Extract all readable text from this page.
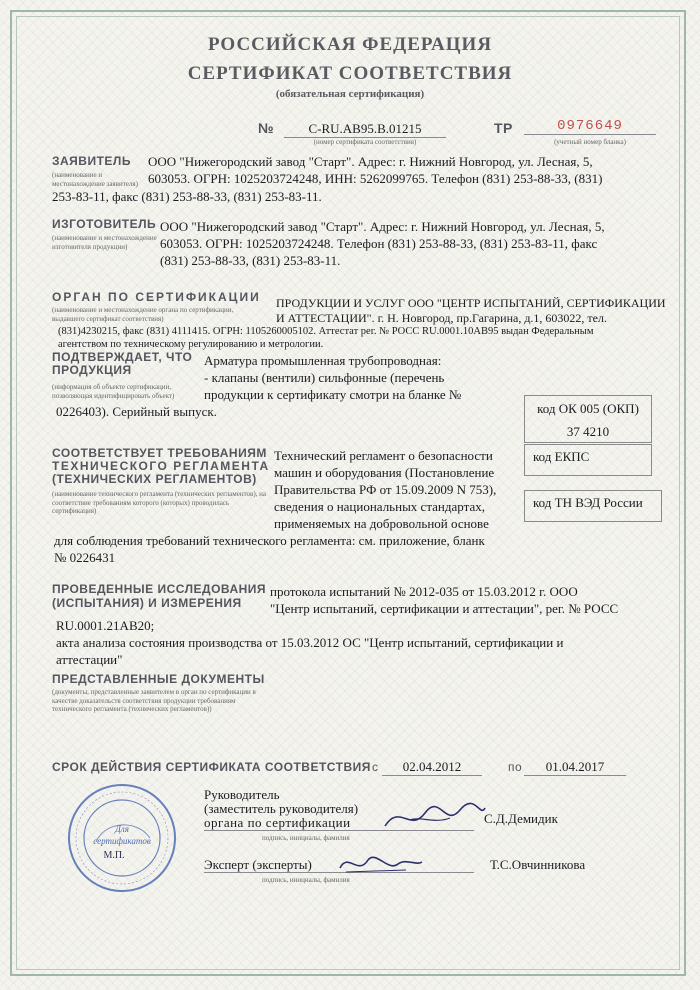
РОССИЙСКАЯ ФЕДЕРАЦИЯ
СЕРТИФИКАТ СООТВЕТСТВИЯ
(обязательная сертификация)
№	C-RU.AB95.B.01215
(номер сертификата соответствия)
ТР	0976649
(учетный номер бланка)
ЗАЯВИТЕЛЬ
(наименование и местонахождение заявителя)
ООО "Нижегородский завод "Старт". Адрес: г. Нижний Новгород, ул. Лесная, 5,
603053. ОГРН: 1025203724248, ИНН: 5262099765. Телефон (831) 253-88-33, (831)
253-83-11, факс (831) 253-88-33, (831) 253-83-11.
ИЗГОТОВИТЕЛЬ
(наименование и местонахождение изготовителя продукции)
ООО "Нижегородский завод "Старт". Адрес: г. Нижний Новгород, ул. Лесная, 5,
603053. ОГРН: 1025203724248. Телефон (831) 253-88-33, (831) 253-83-11, факс
(831) 253-88-33, (831) 253-83-11.
ОРГАН ПО СЕРТИФИКАЦИИ
(наименование и местонахождение органа по сертификации, выдавшего сертификат соответствия)
ПРОДУКЦИИ И УСЛУГ ООО "ЦЕНТР ИСПЫТАНИЙ, СЕРТИФИКАЦИИ
И АТТЕСТАЦИИ". г. Н. Новгород, пр.Гагарина, д.1, 603022, тел.
(831)4230215, факс (831) 4111415. ОГРН: 1105260005102. Аттестат рег. № РОСС RU.0001.10АВ95 выдан Федеральным
агентством по техническому регулированию и метрологии.
ПОДТВЕРЖДАЕТ, ЧТО
ПРОДУКЦИЯ
(информация об объекте сертификации, позволяющая идентифицировать объект)
Арматура промышленная трубопроводная:
- клапаны (вентили) сильфонные (перечень
продукции к сертификату смотри на бланке №
0226403). Серийный выпуск.	код ОК 005 (ОКП)
37 4210
СООТВЕТСТВУЕТ ТРЕБОВАНИЯМ
ТЕХНИЧЕСКОГО РЕГЛАМЕНТА
(ТЕХНИЧЕСКИХ РЕГЛАМЕНТОВ)
(наименование технического регламента (технических регламентов), на соответствие требованиям которого (которых) проводилась сертификация)
Технический регламент о безопасности
машин и оборудования (Постановление
Правительства РФ от 15.09.2009 N 753),
сведения о национальных стандартах,
применяемых на добровольной основе
для соблюдения требований технического регламента: см. приложение, бланк
№ 0226431
код ЕКПС
код ТН ВЭД России
ПРОВЕДЕННЫЕ ИССЛЕДОВАНИЯ
(ИСПЫТАНИЯ) И ИЗМЕРЕНИЯ
протокола испытаний № 2012-035 от 15.03.2012 г. ООО
"Центр испытаний, сертификации и аттестации", рег. № РОСС
RU.0001.21АВ20;
акта анализа состояния производства от 15.03.2012 ОС "Центр испытаний, сертификации и
аттестации"
ПРЕДСТАВЛЕННЫЕ ДОКУМЕНТЫ
(документы, представленные заявителем в орган по сертификации в качестве доказательств соответствия продукции требованиям технического регламента (технических регламентов))
СРОК ДЕЙСТВИЯ СЕРТИФИКАТА СООТВЕТСТВИЯ с	02.04.2012	по	01.04.2017
Руководитель
(заместитель руководителя)
органа по сертификации
подпись, инициалы, фамилия
С.Д.Демидик
Эксперт (эксперты)
подпись, инициалы, фамилия
Т.С.Овчинникова
Для
сертификатов
М.П.
